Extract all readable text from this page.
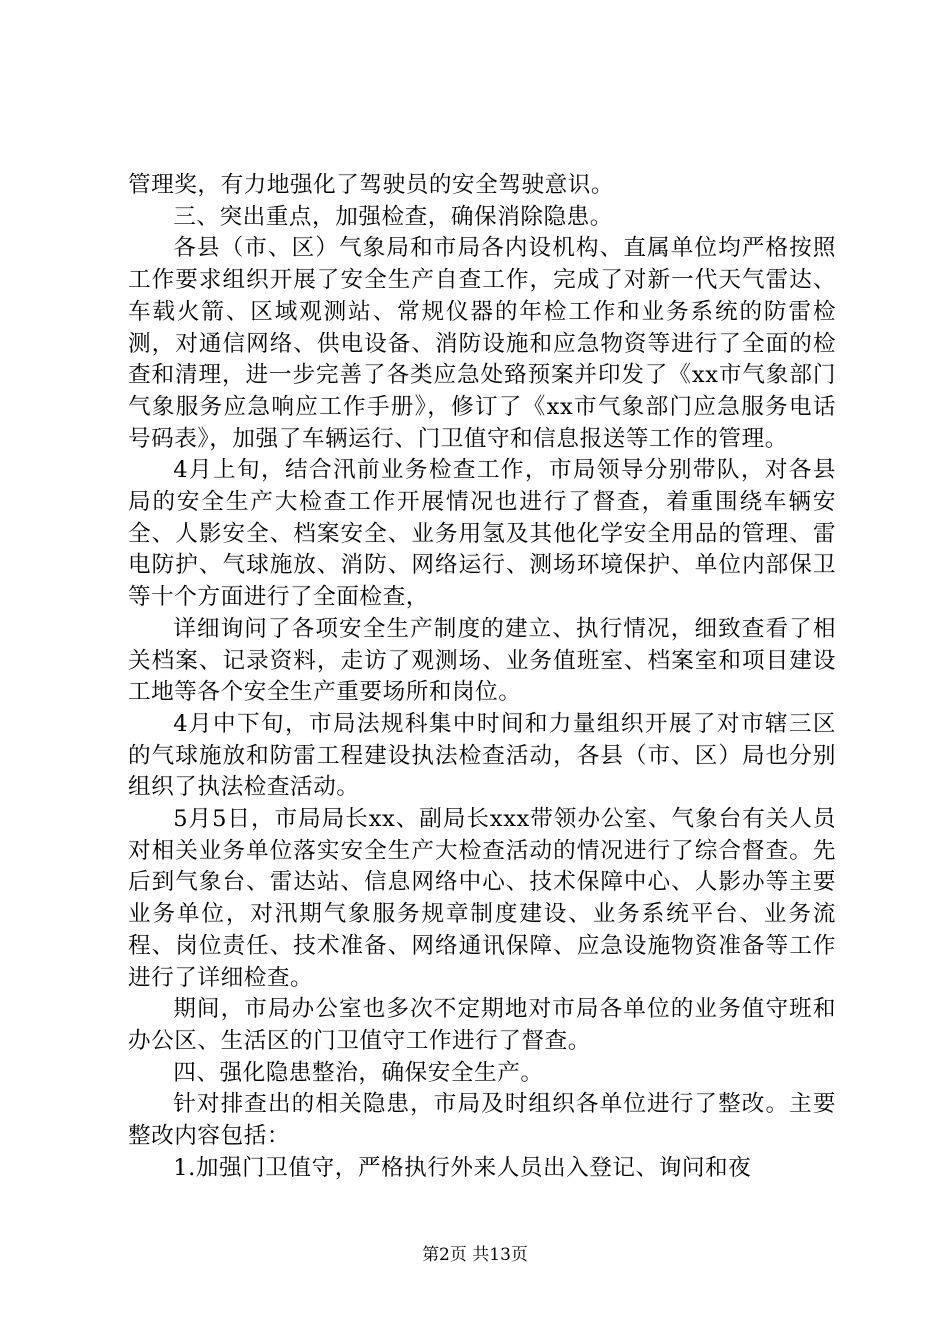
管理奖，有力地强化了驾驶员的安全驾驶意识。

三、突出重点，加强检查，确保消除隐患。

各县（市、区）气象局和市局各内设机构、直属单位均严格按照工作要求组织开展了安全生产自查工作，完成了对新一代天气雷达、车载火箭、区域观测站、常规仪器的年检工作和业务系统的防雷检测，对通信网络、供电设备、消防设施和应急物资等进行了全面的检查和清理，进一步完善了各类应急处臵预案并印发了《xx市气象部门气象服务应急响应工作手册》，修订了《xx市气象部门应急服务电话号码表》，加强了车辆运行、门卫值守和信息报送等工作的管理。

4月上旬，结合汛前业务检查工作，市局领导分别带队，对各县局的安全生产大检查工作开展情况也进行了督查，着重围绕车辆安全、人影安全、档案安全、业务用氢及其他化学安全用品的管理、雷电防护、气球施放、消防、网络运行、测场环境保护、单位内部保卫等十个方面进行了全面检查，

详细询问了各项安全生产制度的建立、执行情况，细致查看了相关档案、记录资料，走访了观测场、业务值班室、档案室和项目建设工地等各个安全生产重要场所和岗位。

4月中下旬，市局法规科集中时间和力量组织开展了对市辖三区的气球施放和防雷工程建设执法检查活动，各县（市、区）局也分别组织了执法检查活动。

5月5日，市局局长xx、副局长xxx带领办公室、气象台有关人员对相关业务单位落实安全生产大检查活动的情况进行了综合督查。先后到气象台、雷达站、信息网络中心、技术保障中心、人影办等主要业务单位，对汛期气象服务规章制度建设、业务系统平台、业务流程、岗位责任、技术准备、网络通讯保障、应急设施物资准备等工作进行了详细检查。

期间，市局办公室也多次不定期地对市局各单位的业务值守班和办公区、生活区的门卫值守工作进行了督查。

四、强化隐患整治，确保安全生产。

针对排查出的相关隐患，市局及时组织各单位进行了整改。主要整改内容包括：

1.加强门卫值守，严格执行外来人员出入登记、询问和夜

第2页 共13页
